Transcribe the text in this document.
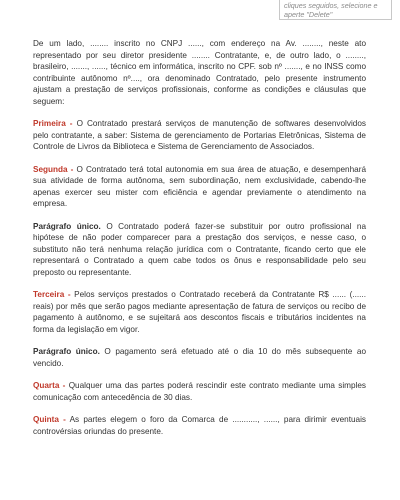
cliques seguidos, selecione e aperte "Delete"

De um lado, ........ inscrito no CNPJ ......, com endereço na Av. ........, neste ato representado por seu diretor presidente ........ Contratante, e, de outro lado, o ........, brasileiro, ......., ......, técnico em informática, inscrito no CPF. sob nº ......., e no INSS como contribuinte autônomo nº...., ora denominado Contratado, pelo presente instrumento ajustam a prestação de serviços profissionais, conforme as condições e cláusulas que seguem:

Primeira - O Contratado prestará serviços de manutenção de softwares desenvolvidos pelo contratante, a saber: Sistema de gerenciamento de Portarias Eletrônicas, Sistema de Controle de Livros da Biblioteca e Sistema de Gerenciamento de Associados.

Segunda - O Contratado terá total autonomia em sua área de atuação, e desempenhará sua atividade de forma autônoma, sem subordinação, nem exclusividade, cabendo-lhe apenas exercer seu mister com eficiência e agendar previamente o atendimento na empresa.

Parágrafo único. O Contratado poderá fazer-se substituir por outro profissional na hipótese de não poder comparecer para a prestação dos serviços, e nesse caso, o substituto não terá nenhuma relação jurídica com o Contratante, ficando certo que ele representará o Contratado a quem cabe todos os ônus e responsabilidade pelo seu preposto ou representante.

Terceira - Pelos serviços prestados o Contratado receberá da Contratante R$ ...... (...... reais) por mês que serão pagos mediante apresentação de fatura de serviços ou recibo de pagamento à autônomo, e se sujeitará aos descontos fiscais e tributários incidentes na forma da legislação em vigor.

Parágrafo único. O pagamento será efetuado até o dia 10 do mês subsequente ao vencido.

Quarta - Qualquer uma das partes poderá rescindir este contrato mediante uma simples comunicação com antecedência de 30 dias.

Quinta - As partes elegem o foro da Comarca de ..........., ......, para dirimir eventuais controvérsias oriundas do presente.
